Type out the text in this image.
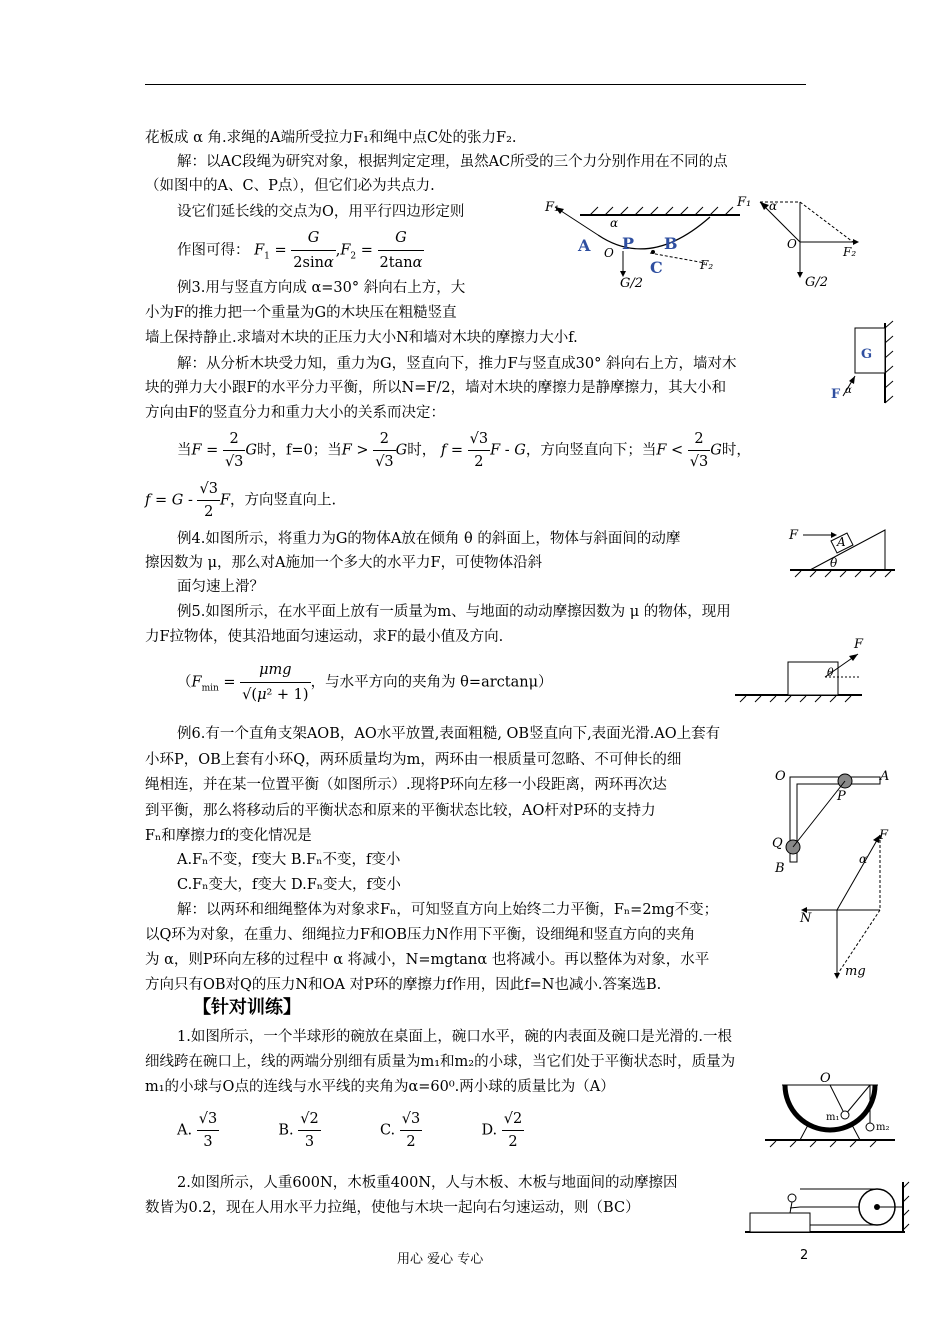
花板成 α 角.求绳的A端所受拉力F₁和绳中点C处的张力F₂.
解：以AC段绳为研究对象，根据判定定理，虽然AC所受的三个力分别作用在不同的点
（如图中的A、C、P点），但它们必为共点力.
设它们延长线的交点为O，用平行四边形定则
作图可得： $F_1 = \frac{G}{2\sin\alpha} ,F_2 = \frac{G}{2\tan\alpha}$
例3.用与竖直方向成 α=30° 斜向右上方，大
小为F的推力把一个重量为G的木块压在粗糙竖直
墙上保持静止.求墙对木块的正压力大小N和墙对木块的摩擦力大小f.
解：从分析木块受力知，重力为G，竖直向下，推力F与竖直成30° 斜向右上方，墙对木
块的弹力大小跟F的水平分力平衡，所以N=F/2，墙对木块的摩擦力是静摩擦力，其大小和
方向由F的竖直分力和重力大小的关系而决定：
当$F = \frac{2}{√3}$ G时，f=0；当$F > \frac{2}{√3}$ G时， $f = \frac{√3}{2}$ F - G，方向竖直向下；当$F < \frac{2}{√3}$ G时，
$f = G - \frac{√3}{2}$ F，方向竖直向上.
例4.如图所示，将重力为G的物体A放在倾角 θ 的斜面上，物体与斜面间的动摩
擦因数为 μ，那么对A施加一个多大的水平力F，可使物体沿斜
面匀速上滑？
例5.如图所示，在水平面上放有一质量为m、与地面的动动摩擦因数为 μ 的物体，现用
力F拉物体，使其沿地面匀速运动，求F的最小值及方向.
（$F_{min} = \frac{\text{μmg}}{\text{√(μ² + 1)}}$ ，与水平方向的夹角为 θ=arctanμ）
例6.有一个直角支架AOB，AO水平放置,表面粗糙, OB竖直向下,表面光滑.AO上套有
小环P，OB上套有小环Q，两环质量均为m，两环由一根质量可忽略、不可伸长的细
绳相连，并在某一位置平衡（如图所示）.现将P环向左移一小段距离，两环再次达
到平衡，那么将移动后的平衡状态和原来的平衡状态比较，AO杆对P环的支持力
Fₙ和摩擦力f的变化情况是
A.Fₙ不变，f变大 B.Fₙ不变，f变小
C.Fₙ变大，f变大 D.Fₙ变大，f变小
解：以两环和细绳整体为对象求Fₙ，可知竖直方向上始终二力平衡，Fₙ=2mg不变；
以Q环为对象，在重力、细绳拉力F和OB压力N作用下平衡，设细绳和竖直方向的夹角
为 α，则P环向左移的过程中 α 将减小，N=mgtanα 也将减小。再以整体为对象，水平
方向只有OB对Q的压力N和OA 对P环的摩擦力f作用，因此f=N也减小.答案选B.
【针对训练】
1.如图所示，一个半球形的碗放在桌面上，碗口水平，碗的内表面及碗口是光滑的.一根
细线跨在碗口上，线的两端分别细有质量为m₁和m₂的小球，当它们处于平衡状态时，质量为
m₁的小球与O点的连线与水平线的夹角为α=60⁰.两小球的质量比为（A）
A. $\frac{√3}{3}$	B. $\frac{√2}{3}$	C. $\frac{√3}{2}$	D. $\frac{√2}{2}$
2.如图所示，人重600N，木板重400N，人与木板、木板与地面间的动摩擦因
数皆为0.2，现在人用水平力拉绳，使他与木块一起向右匀速运动，则（BC）
F₁
α
A P B
O
C	F₂
G/2
F₁ α
O
F₂
G/2
G
F α
A
F
θ
F
θ
O	A
P
Q
B
F
α
N
mg
O
m₁
m₂
用心 爱心 专心	2
